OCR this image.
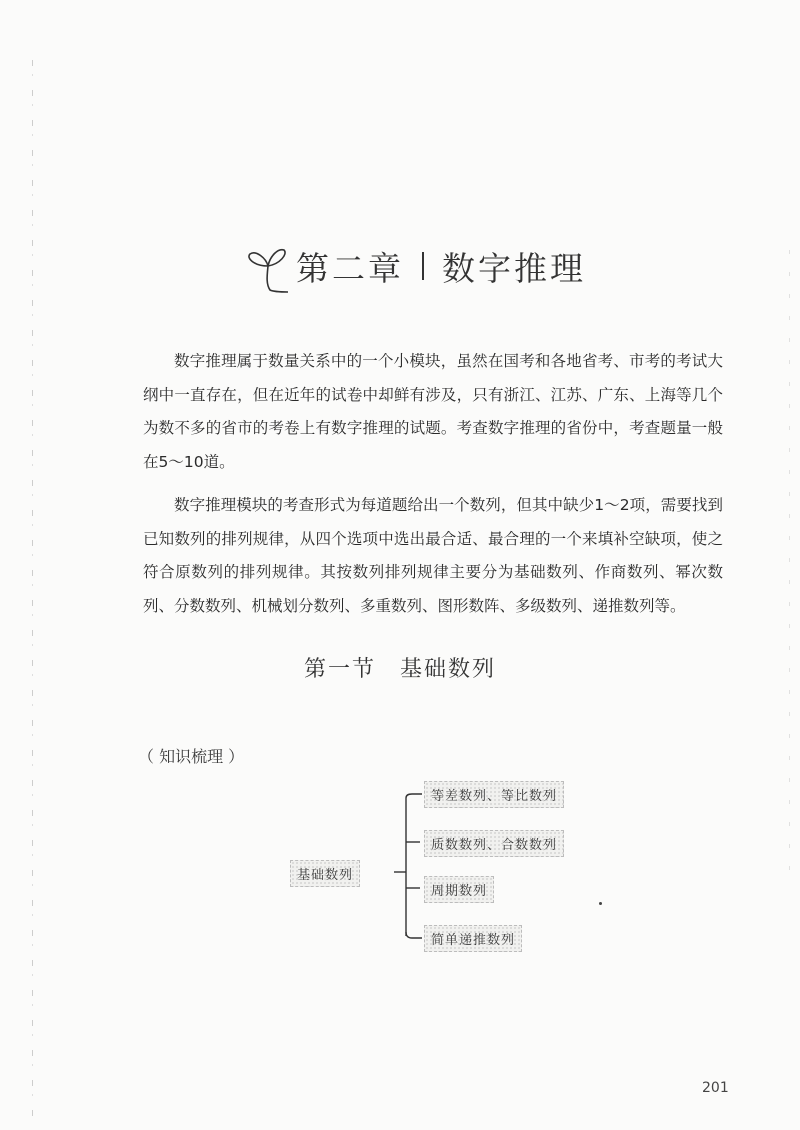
第二章 数字推理

数字推理属于数量关系中的一个小模块，虽然在国考和各地省考、市考的考试大纲中一直存在，但在近年的试卷中却鲜有涉及，只有浙江、江苏、广东、上海等几个为数不多的省市的考卷上有数字推理的试题。考查数字推理的省份中，考查题量一般在5～10道。

数字推理模块的考查形式为每道题给出一个数列，但其中缺少1～2项，需要找到已知数列的排列规律，从四个选项中选出最合适、最合理的一个来填补空缺项，使之符合原数列的排列规律。其按数列排列规律主要分为基础数列、作商数列、幂次数列、分数数列、机械划分数列、多重数列、图形数阵、多级数列、递推数列等。

第一节　基础数列
（ 知识梳理 ）
基础数列
等差数列、等比数列
质数数列、合数数列
周期数列
简单递推数列
201
